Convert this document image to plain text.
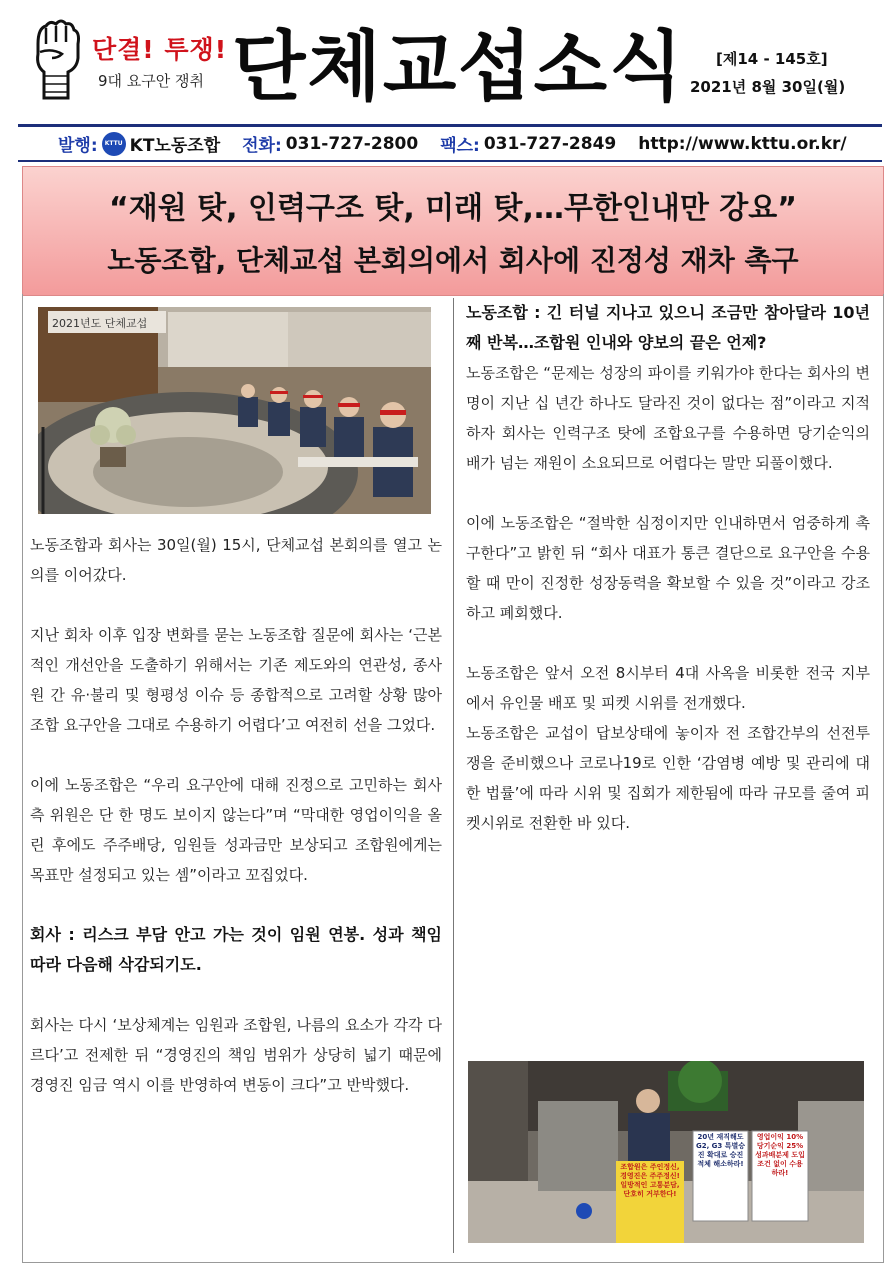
단결! 투쟁!
9대 요구안 쟁취 단체교섭소식 [제14 - 145호]
2021년 8월 30일(월)
발행:	KTTU KT노동조합 전화: 031-727-2800 팩스: 031-727-2849 http://www.kttu.or.kr/
“재원 탓, 인력구조 탓, 미래 탓,…무한인내만 강요”
노동조합, 단체교섭 본회의에서 회사에 진정성 재차 촉구
2021년도 단체교섭

노동조합과 회사는 30일(월) 15시, 단체교섭 본회의를 열고 논의를 이어갔다.

지난 회차 이후 입장 변화를 묻는 노동조합 질문에 회사는 ‘근본적인 개선안을 도출하기 위해서는 기존 제도와의 연관성, 종사원 간 유·불리 및 형평성 이슈 등 종합적으로 고려할 상황 많아 조합 요구안을 그대로 수용하기 어렵다’고 여전히 선을 그었다.

이에 노동조합은 “우리 요구안에 대해 진정으로 고민하는 회사측 위원은 단 한 명도 보이지 않는다”며 “막대한 영업이익을 올린 후에도 주주배당, 임원들 성과금만 보상되고 조합원에게는 목표만 설정되고 있는 셈”이라고 꼬집었다.

회사 : 리스크 부담 안고 가는 것이 임원 연봉. 성과 책임 따라 다음해 삭감되기도.

회사는 다시 ‘보상체계는 임원과 조합원, 나름의 요소가 각각 다르다’고 전제한 뒤 “경영진의 책임 범위가 상당히 넓기 때문에 경영진 임금 역시 이를 반영하여 변동이 크다”고 반박했다.

노동조합 : 긴 터널 지나고 있으니 조금만 참아달라 10년 째 반복…조합원 인내와 양보의 끝은 언제?

노동조합은 “문제는 성장의 파이를 키워가야 한다는 회사의 변명이 지난 십 년간 하나도 달라진 것이 없다는 점”이라고 지적하자 회사는 인력구조 탓에 조합요구를 수용하면 당기순익의 배가 넘는 재원이 소요되므로 어렵다는 말만 되풀이했다.

이에 노동조합은 “절박한 심정이지만 인내하면서 엄중하게 촉구한다”고 밝힌 뒤 “회사 대표가 통큰 결단으로 요구안을 수용할 때 만이 진정한 성장동력을 확보할 수 있을 것”이라고 강조하고 폐회했다.

노동조합은 앞서 오전 8시부터 4대 사옥을 비롯한 전국 지부에서 유인물 배포 및 피켓 시위를 전개했다.

노동조합은 교섭이 답보상태에 놓이자 전 조합간부의 선전투쟁을 준비했으나 코로나19로 인한 ‘감염병 예방 및 관리에 대한 법률’에 따라 시위 및 집회가 제한됨에 따라 규모를 줄여 피켓시위로 전환한 바 있다.

조합원은 주인정신, 경영진은 주주정신! 일방적인 고통분담, 단호히 거부한다!
20년 재직해도 G2, G3 특별승진 확대로 승진적체 해소하라!
영업이익 10% 당기순익 25% 성과배분제 도입 조건 없이 수용하라!
